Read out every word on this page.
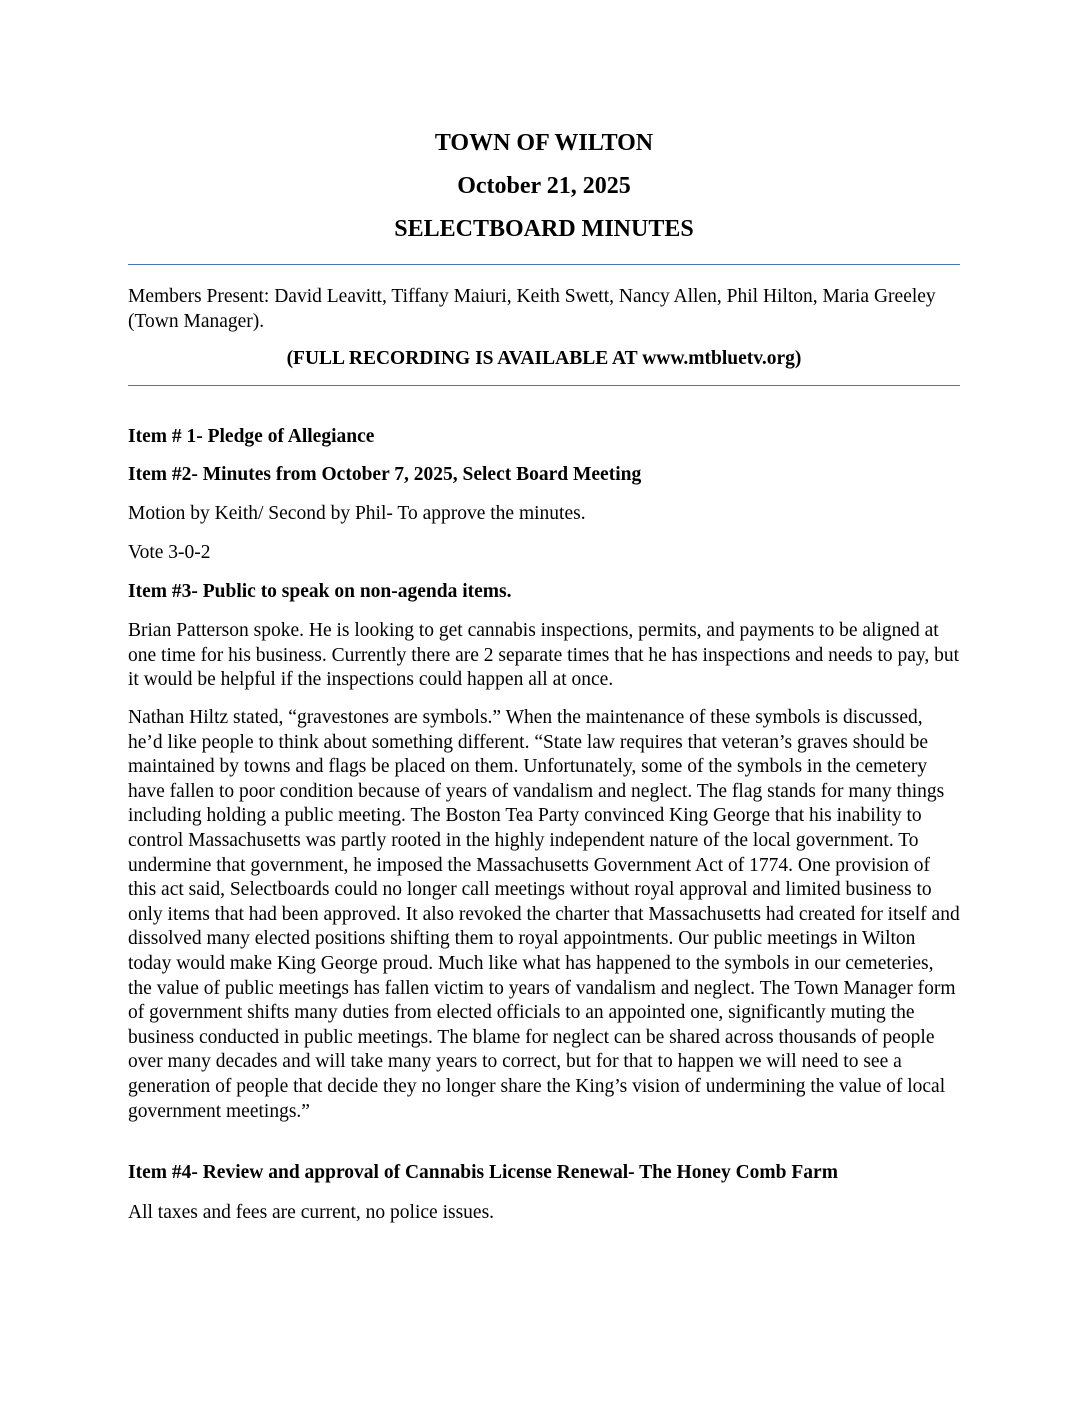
TOWN OF WILTON
October 21, 2025
SELECTBOARD MINUTES

Members Present: David Leavitt, Tiffany Maiuri, Keith Swett, Nancy Allen, Phil Hilton, Maria Greeley (Town Manager).

(FULL RECORDING IS AVAILABLE AT www.mtbluetv.org)

Item # 1- Pledge of Allegiance

Item #2- Minutes from October 7, 2025, Select Board Meeting

Motion by Keith/ Second by Phil- To approve the minutes.

Vote 3-0-2

Item #3- Public to speak on non-agenda items.

Brian Patterson spoke. He is looking to get cannabis inspections, permits, and payments to be aligned at one time for his business. Currently there are 2 separate times that he has inspections and needs to pay, but it would be helpful if the inspections could happen all at once.

Nathan Hiltz stated, “gravestones are symbols.” When the maintenance of these symbols is discussed, he’d like people to think about something different. “State law requires that veteran’s graves should be maintained by towns and flags be placed on them. Unfortunately, some of the symbols in the cemetery have fallen to poor condition because of years of vandalism and neglect. The flag stands for many things including holding a public meeting. The Boston Tea Party convinced King George that his inability to control Massachusetts was partly rooted in the highly independent nature of the local government. To undermine that government, he imposed the Massachusetts Government Act of 1774. One provision of this act said, Selectboards could no longer call meetings without royal approval and limited business to only items that had been approved. It also revoked the charter that Massachusetts had created for itself and dissolved many elected positions shifting them to royal appointments. Our public meetings in Wilton today would make King George proud. Much like what has happened to the symbols in our cemeteries, the value of public meetings has fallen victim to years of vandalism and neglect. The Town Manager form of government shifts many duties from elected officials to an appointed one, significantly muting the business conducted in public meetings. The blame for neglect can be shared across thousands of people over many decades and will take many years to correct, but for that to happen we will need to see a generation of people that decide they no longer share the King’s vision of undermining the value of local government meetings.”

Item #4- Review and approval of Cannabis License Renewal- The Honey Comb Farm

All taxes and fees are current, no police issues.
